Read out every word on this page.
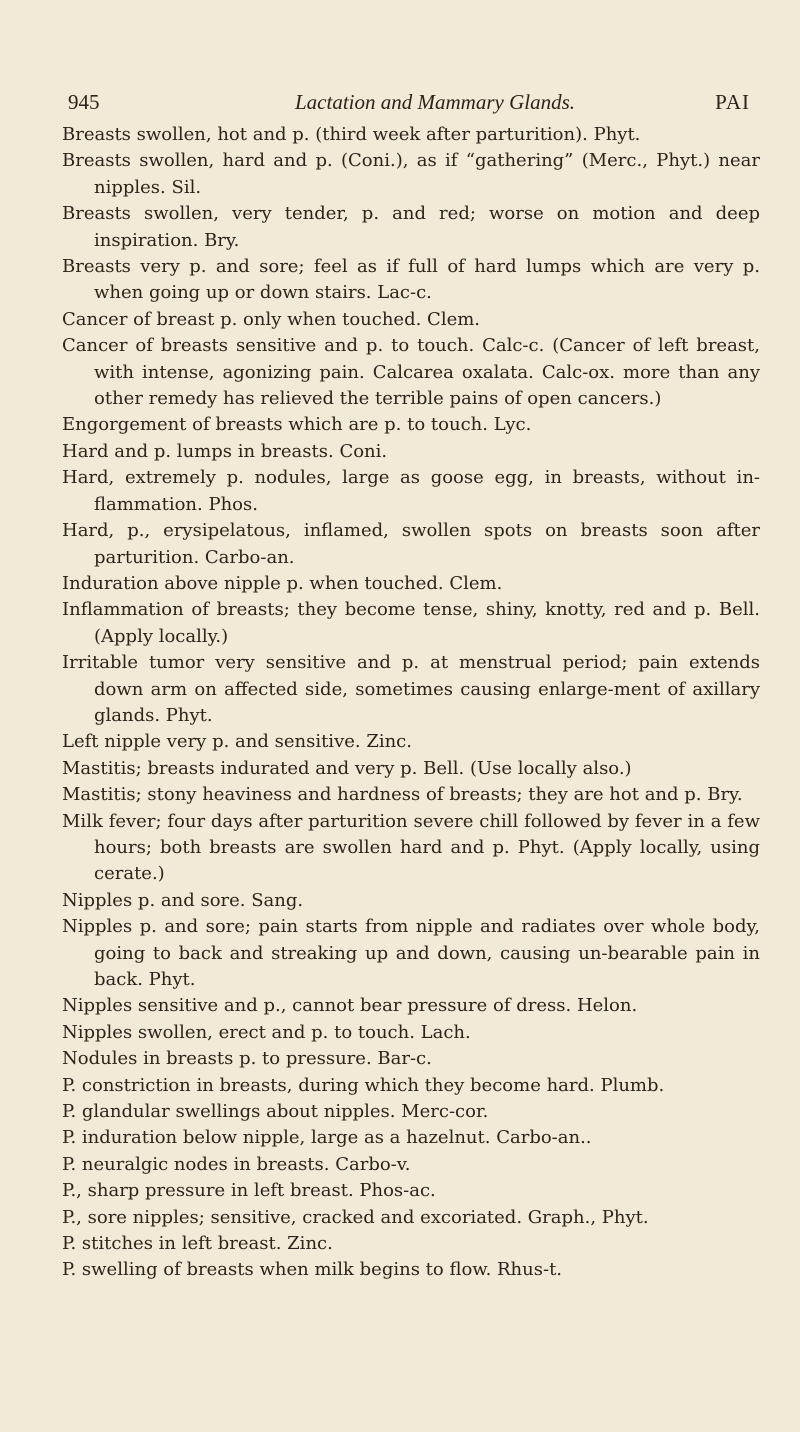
945	Lactation and Mammary Glands.	PAI

Breasts swollen, hot and p. (third week after parturition). Phyt.

Breasts swollen, hard and p. (Coni.), as if “gathering” (Merc., Phyt.) near nipples. Sil.

Breasts swollen, very tender, p. and red; worse on motion and deep inspiration. Bry.

Breasts very p. and sore; feel as if full of hard lumps which are very p. when going up or down stairs. Lac-c.

Cancer of breast p. only when touched. Clem.

Cancer of breasts sensitive and p. to touch. Calc-c. (Cancer of left breast, with intense, agonizing pain. Calcarea oxalata. Calc-ox. more than any other remedy has relieved the terrible pains of open cancers.)

Engorgement of breasts which are p. to touch. Lyc.

Hard and p. lumps in breasts. Coni.

Hard, extremely p. nodules, large as goose egg, in breasts, without in-flammation. Phos.

Hard, p., erysipelatous, inflamed, swollen spots on breasts soon after parturition. Carbo-an.

Induration above nipple p. when touched. Clem.

Inflammation of breasts; they become tense, shiny, knotty, red and p. Bell. (Apply locally.)

Irritable tumor very sensitive and p. at menstrual period; pain extends down arm on affected side, sometimes causing enlarge-ment of axillary glands. Phyt.

Left nipple very p. and sensitive. Zinc.

Mastitis; breasts indurated and very p. Bell. (Use locally also.)

Mastitis; stony heaviness and hardness of breasts; they are hot and p. Bry.

Milk fever; four days after parturition severe chill followed by fever in a few hours; both breasts are swollen hard and p. Phyt. (Apply locally, using cerate.)

Nipples p. and sore. Sang.

Nipples p. and sore; pain starts from nipple and radiates over whole body, going to back and streaking up and down, causing un-bearable pain in back. Phyt.

Nipples sensitive and p., cannot bear pressure of dress. Helon.

Nipples swollen, erect and p. to touch. Lach.

Nodules in breasts p. to pressure. Bar-c.

P. constriction in breasts, during which they become hard. Plumb.

P. glandular swellings about nipples. Merc-cor.

P. induration below nipple, large as a hazelnut. Carbo-an..

P. neuralgic nodes in breasts. Carbo-v.

P., sharp pressure in left breast. Phos-ac.

P., sore nipples; sensitive, cracked and excoriated. Graph., Phyt.

P. stitches in left breast. Zinc.

P. swelling of breasts when milk begins to flow. Rhus-t.
